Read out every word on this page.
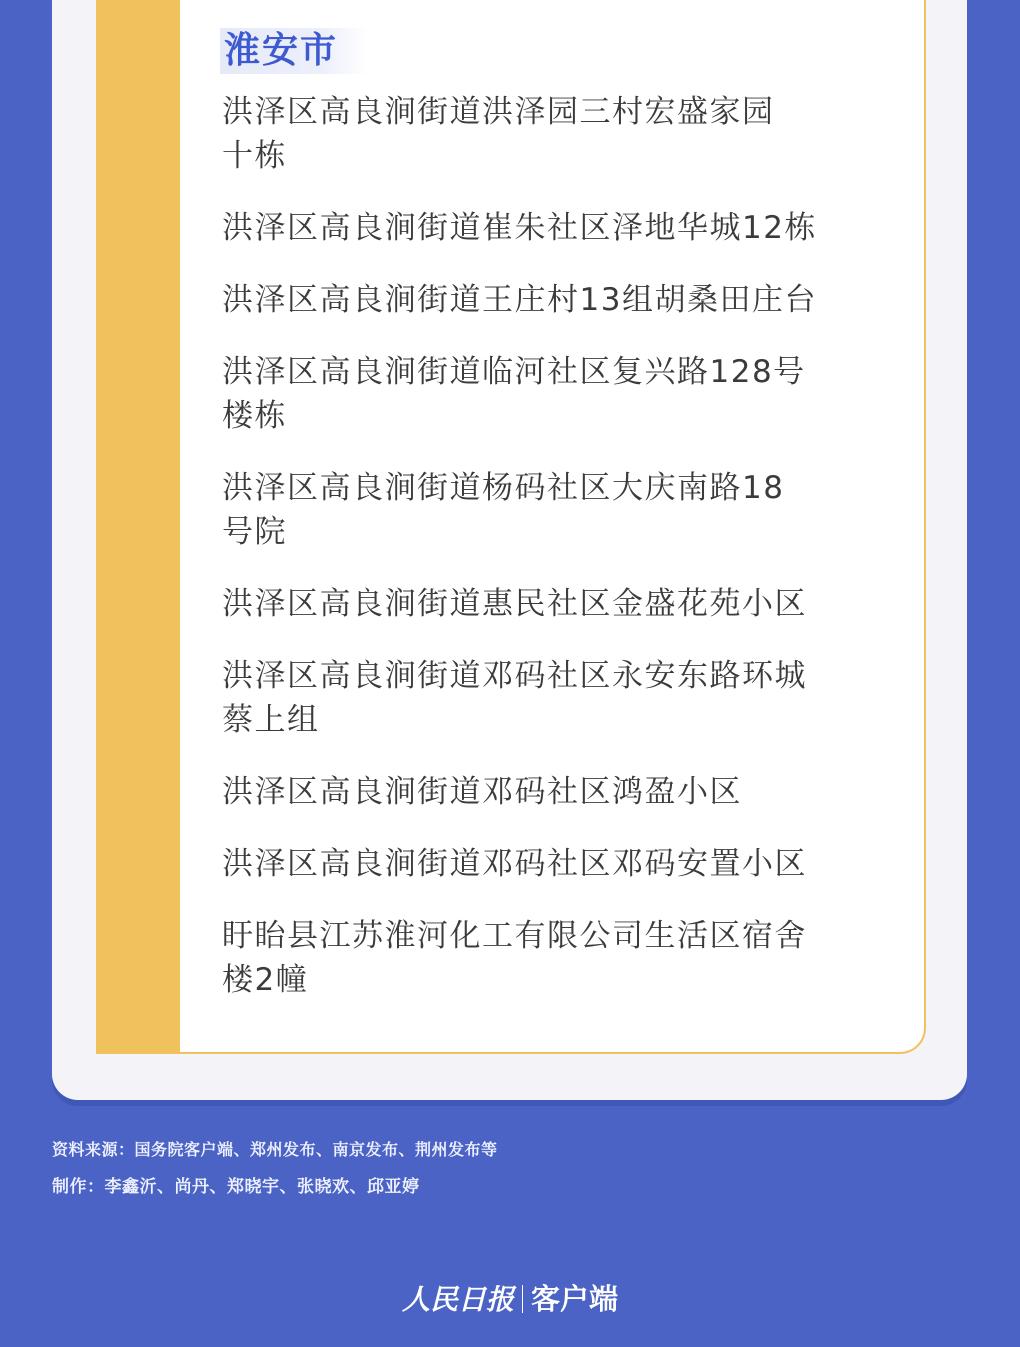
淮安市
洪泽区高良涧街道洪泽园三村宏盛家园
十栋
洪泽区高良涧街道崔朱社区泽地华城12栋
洪泽区高良涧街道王庄村13组胡桑田庄台
洪泽区高良涧街道临河社区复兴路128号
楼栋
洪泽区高良涧街道杨码社区大庆南路18
号院
洪泽区高良涧街道惠民社区金盛花苑小区
洪泽区高良涧街道邓码社区永安东路环城
蔡上组
洪泽区高良涧街道邓码社区鸿盈小区
洪泽区高良涧街道邓码社区邓码安置小区
盱眙县江苏淮河化工有限公司生活区宿舍
楼2幢
资料来源：国务院客户端、郑州发布、南京发布、荆州发布等
制作：李鑫沂、尚丹、郑晓宇、张晓欢、邱亚婷
人民日报 客户端
